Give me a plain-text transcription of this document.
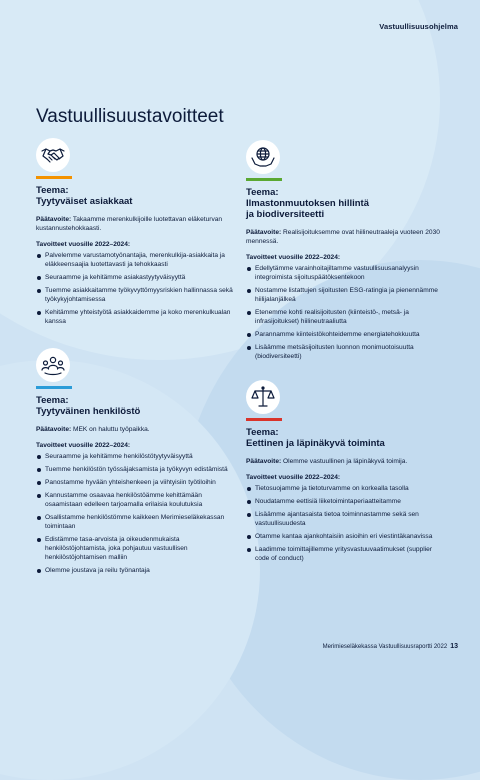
Vastuullisuusohjelma
Vastuullisuustavoitteet
Teema:
Tyytyväiset asiakkaat
Päätavoite: Takaamme merenkulkijoille luotettavan eläketurvan kustannustehokkaasti.
Tavoitteet vuosille 2022–2024:
Palvelemme varustamotyönantajia, merenkulkija-asiakkaita ja eläkkeensaajia luotettavasti ja tehokkaasti
Seuraamme ja kehitämme asiakastyytyväisyyttä
Tuemme asiakkaitamme työkyvyttömyysriskien hallinnassa sekä työkykyjohtamisessa
Kehitämme yhteistyötä asiakkaidemme ja koko merenkulkualan kanssa
Teema:
Tyytyväinen henkilöstö
Päätavoite: MEK on haluttu työpaikka.
Tavoitteet vuosille 2022–2024:
Seuraamme ja kehitämme henkilöstötyytyväisyyttä
Tuemme henkilöstön työssäjaksamista ja työkyvyn edistämistä
Panostamme hyvään yhteishenkeen ja viihtyisiin työtiloihin
Kannustamme osaavaa henkilöstöämme kehittämään osaamistaan edelleen tarjoamalla erilaisia koulutuksia
Osallistamme henkilöstömme kaikkeen Merimieseläkekassan toimintaan
Edistämme tasa-arvoista ja oikeudenmukaista henkilöstöjohtamista, joka pohjautuu vastuullisen henkilöstöjohtamisen malliin
Olemme joustava ja reilu työnantaja
Teema:
Ilmastonmuutoksen hillintä
ja biodiversiteetti
Päätavoite: Realisijoituksemme ovat hiilineutraaleja vuoteen 2030 mennessä.
Tavoitteet vuosille 2022–2024:
Edellytämme varainhoitajiltamme vastuullisuusanalyysin integroimista sijoituspäätöksentekoon
Nostamme listattujen sijoitusten ESG-ratingia ja pienennämme hiilijalanjälkeä
Etenemme kohti realisijoitusten (kiinteistö-, metsä- ja infrasijoitukset) hiilineutraaliutta
Parannamme kiinteistökohteidemme energiatehokkuutta
Lisäämme metsäsijoitusten luonnon monimuotoisuutta (biodiversiteetti)
Teema:
Eettinen ja läpinäkyvä toiminta
Päätavoite: Olemme vastuullinen ja läpinäkyvä toimija.
Tavoitteet vuosille 2022–2024:
Tietosuojamme ja tietoturvamme on korkealla tasolla
Noudatamme eettisiä liiketoimintaperiaatteitamme
Lisäämme ajantasaista tietoa toiminnastamme sekä sen vastuullisuudesta
Otamme kantaa ajankohtaisiin asioihin eri viestintäkanavissa
Laadimme toimittajillemme yritysvastuuvaatimukset (supplier code of conduct)
Merimieseläkekassa Vastuullisuusraportti 2022 13
